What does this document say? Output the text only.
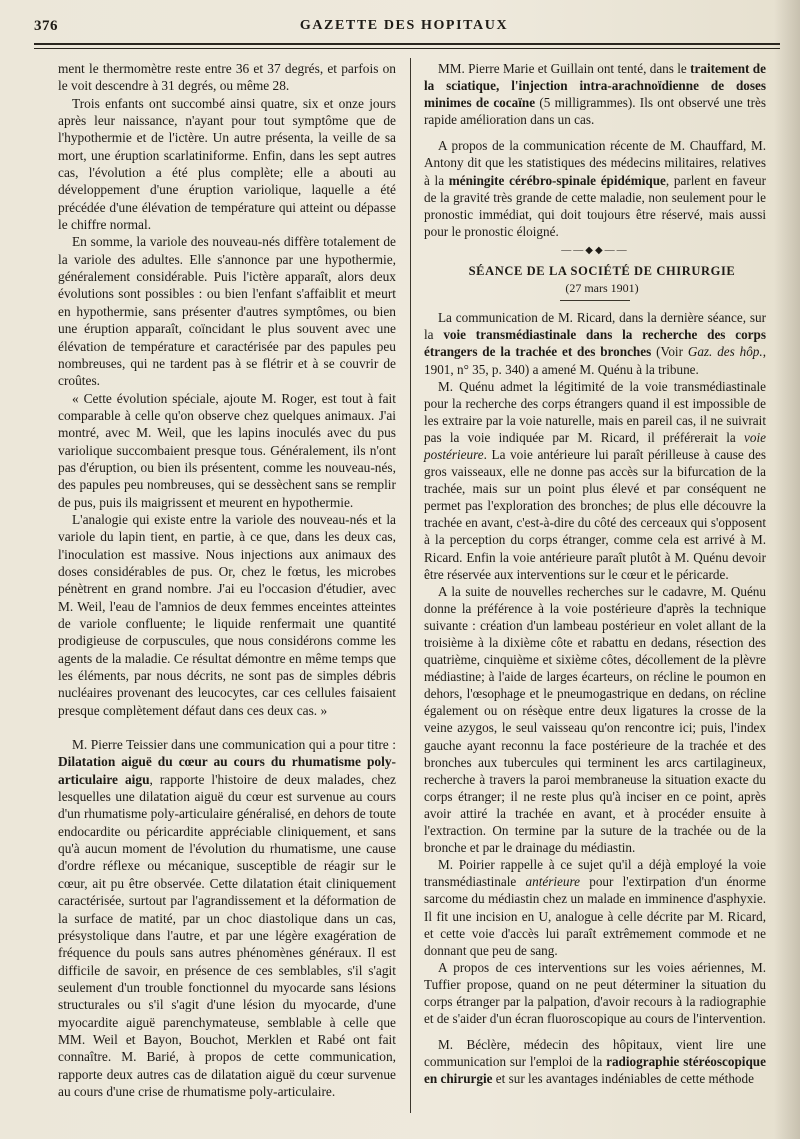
376	GAZETTE DES HOPITAUX

ment le thermomètre reste entre 36 et 37 degrés, et parfois on le voit descendre à 31 degrés, ou même 28.

Trois enfants ont succombé ainsi quatre, six et onze jours après leur naissance, n'ayant pour tout symptôme que de l'hypothermie et de l'ictère. Un autre présenta, la veille de sa mort, une éruption scarlatiniforme. Enfin, dans les sept autres cas, l'évolution a été plus complète; elle a abouti au développement d'une éruption variolique, laquelle a été précédée d'une élévation de température qui atteint ou dépasse le chiffre normal.

En somme, la variole des nouveau-nés diffère totalement de la variole des adultes. Elle s'annonce par une hypothermie, généralement considérable. Puis l'ictère apparaît, alors deux évolutions sont possibles : ou bien l'enfant s'affaiblit et meurt en hypothermie, sans présenter d'autres symptômes, ou bien une éruption apparaît, coïncidant le plus souvent avec une élévation de température et caractérisée par des papules peu nombreuses, qui ne tardent pas à se flétrir et à se couvrir de croûtes.

« Cette évolution spéciale, ajoute M. Roger, est tout à fait comparable à celle qu'on observe chez quelques animaux. J'ai montré, avec M. Weil, que les lapins inoculés avec du pus variolique succombaient presque tous. Généralement, ils n'ont pas d'éruption, ou bien ils présentent, comme les nouveau-nés, des papules peu nombreuses, qui se dessèchent sans se remplir de pus, puis ils maigrissent et meurent en hypothermie.

L'analogie qui existe entre la variole des nouveau-nés et la variole du lapin tient, en partie, à ce que, dans les deux cas, l'inoculation est massive. Nous injections aux animaux des doses considérables de pus. Or, chez le fœtus, les microbes pénètrent en grand nombre. J'ai eu l'occasion d'étudier, avec M. Weil, l'eau de l'amnios de deux femmes enceintes atteintes de variole confluente; le liquide renfermait une quantité prodigieuse de corpuscules, que nous considérons comme les agents de la maladie. Ce résultat démontre en même temps que les éléments, par nous décrits, ne sont pas de simples débris nucléaires provenant des leucocytes, car ces cellules faisaient presque complètement défaut dans ces deux cas. »

M. Pierre Teissier dans une communication qui a pour titre : Dilatation aiguë du cœur au cours du rhumatisme poly-articulaire aigu, rapporte l'histoire de deux malades, chez lesquelles une dilatation aiguë du cœur est survenue au cours d'un rhumatisme poly-articulaire généralisé, en dehors de toute endocardite ou péricardite appréciable cliniquement, et sans qu'à aucun moment de l'évolution du rhumatisme, une cause d'ordre réflexe ou mécanique, susceptible de réagir sur le cœur, ait pu être observée. Cette dilatation était cliniquement caractérisée, surtout par l'agrandissement et la déformation de la surface de matité, par un choc diastolique dans un cas, présystolique dans l'autre, et par une légère exagération de fréquence du pouls sans autres phénomènes généraux. Il est difficile de savoir, en présence de ces semblables, s'il s'agit seulement d'un trouble fonctionnel du myocarde sans lésions structurales ou s'il s'agit d'une lésion du myocarde, d'une myocardite aiguë parenchymateuse, semblable à celle que MM. Weil et Bayon, Bouchot, Merklen et Rabé ont fait connaître. M. Barié, à propos de cette communication, rapporte deux autres cas de dilatation aiguë du cœur survenue au cours d'une crise de rhumatisme poly-articulaire.

MM. Pierre Marie et Guillain ont tenté, dans le traitement de la sciatique, l'injection intra-arachnoïdienne de doses minimes de cocaïne (5 milligrammes). Ils ont observé une très rapide amélioration dans un cas.

A propos de la communication récente de M. Chauffard, M. Antony dit que les statistiques des médecins militaires, relatives à la méningite cérébro-spinale épidémique, parlent en faveur de la gravité très grande de cette maladie, non seulement pour le pronostic immédiat, qui doit toujours être réservé, mais aussi pour le pronostic éloigné.

——◆◆——

SÉANCE DE LA SOCIÉTÉ DE CHIRURGIE

(27 mars 1901)

La communication de M. Ricard, dans la dernière séance, sur la voie transmédiastinale dans la recherche des corps étrangers de la trachée et des bronches (Voir Gaz. des hôp., 1901, n° 35, p. 340) a amené M. Quénu à la tribune.

M. Quénu admet la légitimité de la voie transmédiastinale pour la recherche des corps étrangers quand il est impossible de les extraire par la voie naturelle, mais en pareil cas, il ne suivrait pas la voie indiquée par M. Ricard, il préférerait la voie postérieure. La voie antérieure lui paraît périlleuse à cause des gros vaisseaux, elle ne donne pas accès sur la bifurcation de la trachée, mais sur un point plus élevé et par conséquent ne permet pas l'exploration des bronches; de plus elle découvre la trachée en avant, c'est-à-dire du côté des cerceaux qui s'opposent à la perception du corps étranger, comme cela est arrivé à M. Ricard. Enfin la voie antérieure paraît plutôt à M. Quénu devoir être réservée aux interventions sur le cœur et le péricarde.

A la suite de nouvelles recherches sur le cadavre, M. Quénu donne la préférence à la voie postérieure d'après la technique suivante : création d'un lambeau postérieur en volet allant de la troisième à la dixième côte et rabattu en dedans, résection des quatrième, cinquième et sixième côtes, décollement de la plèvre médiastine; à l'aide de larges écarteurs, on récline le poumon en dehors, l'œsophage et le pneumogastrique en dedans, on récline également ou on résèque entre deux ligatures la crosse de la veine azygos, le seul vaisseau qu'on rencontre ici; puis, l'index gauche ayant reconnu la face postérieure de la trachée et des bronches aux tubercules qui terminent les arcs cartilagineux, recherche à travers la paroi membraneuse la situation exacte du corps étranger; il ne reste plus qu'à inciser en ce point, après avoir attiré la trachée en avant, et à procéder ensuite à l'extraction. On termine par la suture de la trachée ou de la bronche et par le drainage du médiastin.

M. Poirier rappelle à ce sujet qu'il a déjà employé la voie transmédiastinale antérieure pour l'extirpation d'un énorme sarcome du médiastin chez un malade en imminence d'asphyxie. Il fit une incision en U, analogue à celle décrite par M. Ricard, et cette voie d'accès lui paraît extrêmement commode et ne donnant que peu de sang.

A propos de ces interventions sur les voies aériennes, M. Tuffier propose, quand on ne peut déterminer la situation du corps étranger par la palpation, d'avoir recours à la radiographie et de s'aider d'un écran fluoroscopique au cours de l'intervention.

M. Béclère, médecin des hôpitaux, vient lire une communication sur l'emploi de la radiographie stéréoscopique en chirurgie et sur les avantages indéniables de cette méthode
